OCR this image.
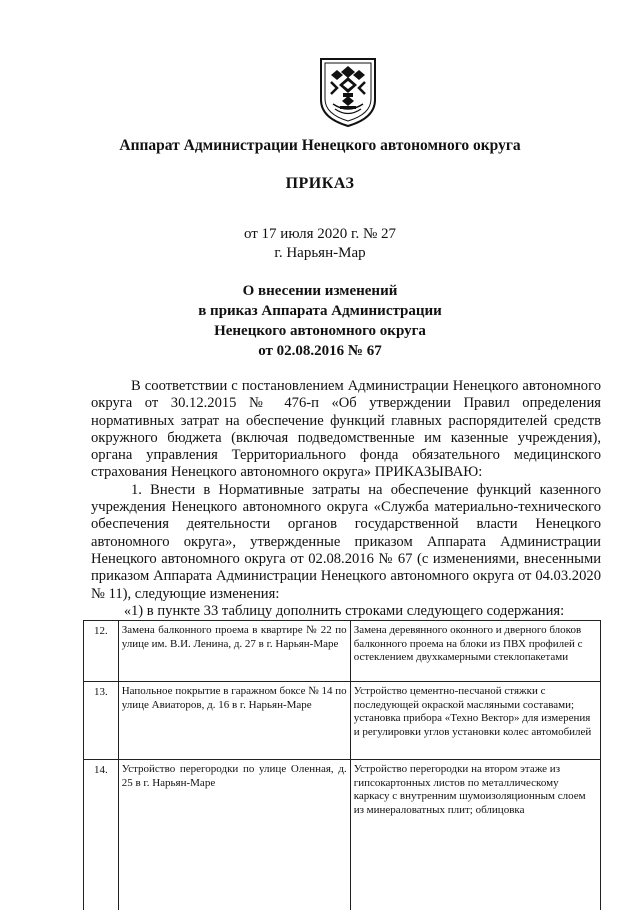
Аппарат Администрации Ненецкого автономного округа
ПРИКАЗ
от 17 июля 2020 г. № 27
г. Нарьян-Мар
О внесении изменений
в приказ Аппарата Администрации
Ненецкого автономного округа
от 02.08.2016 № 67

В соответствии с постановлением Администрации Ненецкого автономного округа от 30.12.2015 № 476-п «Об утверждении Правил определения нормативных затрат на обеспечение функций главных распорядителей средств окружного бюджета (включая подведомственные им казенные учреждения), органа управления Территориального фонда обязательного медицинского страхования Ненецкого автономного округа» ПРИКАЗЫВАЮ:

1. Внести в Нормативные затраты на обеспечение функций казенного учреждения Ненецкого автономного округа «Служба материально-технического обеспечения деятельности органов государственной власти Ненецкого автономного округа», утвержденные приказом Аппарата Администрации Ненецкого автономного округа от 02.08.2016 № 67 (с изменениями, внесенными приказом Аппарата Администрации Ненецкого автономного округа от 04.03.2020 № 11), следующие изменения:

1) в пункте 33 таблицу дополнить строками следующего содержания:

«
12.	Замена балконного проема в квартире № 22 по улице им. В.И. Ленина, д. 27 в г. Нарьян-Маре	Замена деревянного оконного и дверного блоков балконного проема на блоки из ПВХ профилей с остеклением двухкамерными стеклопакетами
13.	Напольное покрытие в гаражном боксе № 14 по улице Авиаторов, д. 16 в г. Нарьян-Маре	Устройство цементно-песчаной стяжки с последующей окраской масляными составами; установка прибора «Техно Вектор» для измерения и регулировки углов установки колес автомобилей
14.	Устройство перегородки по улице Оленная, д. 25 в г. Нарьян-Маре	Устройство перегородки на втором этаже из гипсокартонных листов по металлическому каркасу с внутренним шумоизоляционным слоем из минераловатных плит; облицовка
